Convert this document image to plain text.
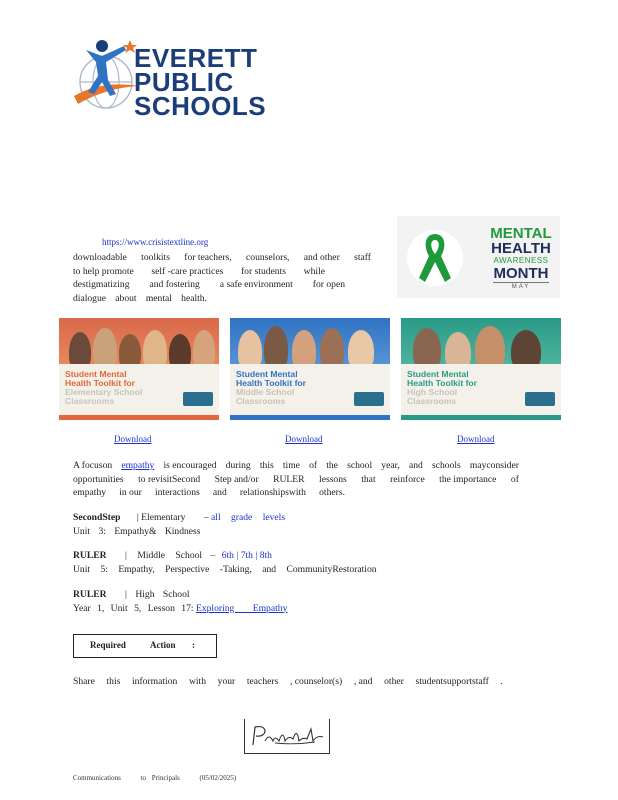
EVERETT
PUBLIC
SCHOOLS
https://www.crisistextline.org
downloadable toolkits for teachers, counselors, and other staff
to help promote self -care practices for students while
destigmatizing and fostering a safe environment for open
dialogue about mental health.
MENTAL
HEALTH
AWARENESS
MONTH
MAY
Student Mental
Health Toolkit for
Elementary School
Classrooms
Student Mental
Health Toolkit for
Middle School
Classrooms
Student Mental
Health Toolkit for
High School
Classrooms
Download	Download	Download
A focuson empathy is encouraged during this time of the school year, and schools mayconsider
opportunities to revisitSecond Step and/or RULER lessons that reinforce the importance of
empathy in our interactions and relationshipswith others.
SecondStep | Elementary – all grade levels
Unit 3: Empathy& Kindness
RULER | Middle School – 6th | 7th | 8th
Unit 5: Empathy, Perspective -Taking, and CommunityRestoration
RULER | High School
Year 1, Unit 5, Lesson 17: Exploring Empathy
Required	Action :
Share this information with your teachers , counselor(s) , and other studentsupportstaff .
Communications	to Principals	(05/02/2025)
